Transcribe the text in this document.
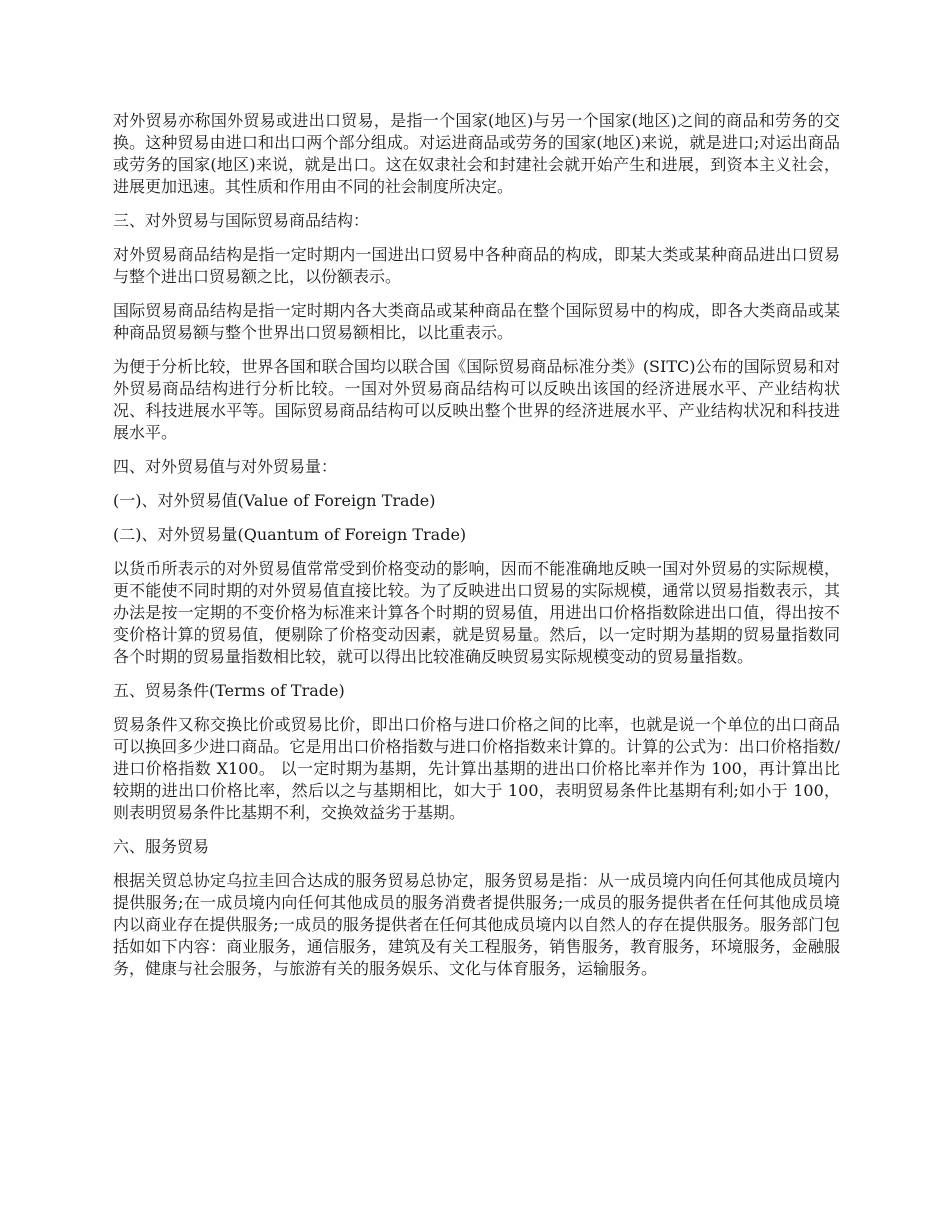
对外贸易亦称国外贸易或进出口贸易，是指一个国家(地区)与另一个国家(地区)之间的商品和劳务的交换。这种贸易由进口和出口两个部分组成。对运进商品或劳务的国家(地区)来说，就是进口;对运出商品或劳务的国家(地区)来说，就是出口。这在奴隶社会和封建社会就开始产生和进展，到资本主义社会，进展更加迅速。其性质和作用由不同的社会制度所决定。

三、对外贸易与国际贸易商品结构：

对外贸易商品结构是指一定时期内一国进出口贸易中各种商品的构成，即某大类或某种商品进出口贸易与整个进出口贸易额之比，以份额表示。

国际贸易商品结构是指一定时期内各大类商品或某种商品在整个国际贸易中的构成，即各大类商品或某种商品贸易额与整个世界出口贸易额相比，以比重表示。

为便于分析比较，世界各国和联合国均以联合国《国际贸易商品标准分类》(SITC)公布的国际贸易和对外贸易商品结构进行分析比较。一国对外贸易商品结构可以反映出该国的经济进展水平、产业结构状况、科技进展水平等。国际贸易商品结构可以反映出整个世界的经济进展水平、产业结构状况和科技进展水平。

四、对外贸易值与对外贸易量：

(一)、对外贸易值(Value of Foreign Trade)

(二)、对外贸易量(Quantum of Foreign Trade)

以货币所表示的对外贸易值常常受到价格变动的影响，因而不能准确地反映一国对外贸易的实际规模，更不能使不同时期的对外贸易值直接比较。为了反映进出口贸易的实际规模，通常以贸易指数表示，其办法是按一定期的不变价格为标准来计算各个时期的贸易值，用进出口价格指数除进出口值，得出按不变价格计算的贸易值，便剔除了价格变动因素，就是贸易量。然后，以一定时期为基期的贸易量指数同各个时期的贸易量指数相比较，就可以得出比较准确反映贸易实际规模变动的贸易量指数。

五、贸易条件(Terms of Trade)

贸易条件又称交换比价或贸易比价，即出口价格与进口价格之间的比率，也就是说一个单位的出口商品可以换回多少进口商品。它是用出口价格指数与进口价格指数来计算的。计算的公式为：出口价格指数/进口价格指数 X100。 以一定时期为基期，先计算出基期的进出口价格比率并作为 100，再计算出比较期的进出口价格比率，然后以之与基期相比，如大于 100，表明贸易条件比基期有利;如小于 100，则表明贸易条件比基期不利，交换效益劣于基期。

六、服务贸易

根据关贸总协定乌拉圭回合达成的服务贸易总协定，服务贸易是指：从一成员境内向任何其他成员境内提供服务;在一成员境内向任何其他成员的服务消费者提供服务;一成员的服务提供者在任何其他成员境内以商业存在提供服务;一成员的服务提供者在任何其他成员境内以自然人的存在提供服务。服务部门包括如如下内容：商业服务，通信服务，建筑及有关工程服务，销售服务，教育服务，环境服务，金融服务，健康与社会服务，与旅游有关的服务娱乐、文化与体育服务，运输服务。
